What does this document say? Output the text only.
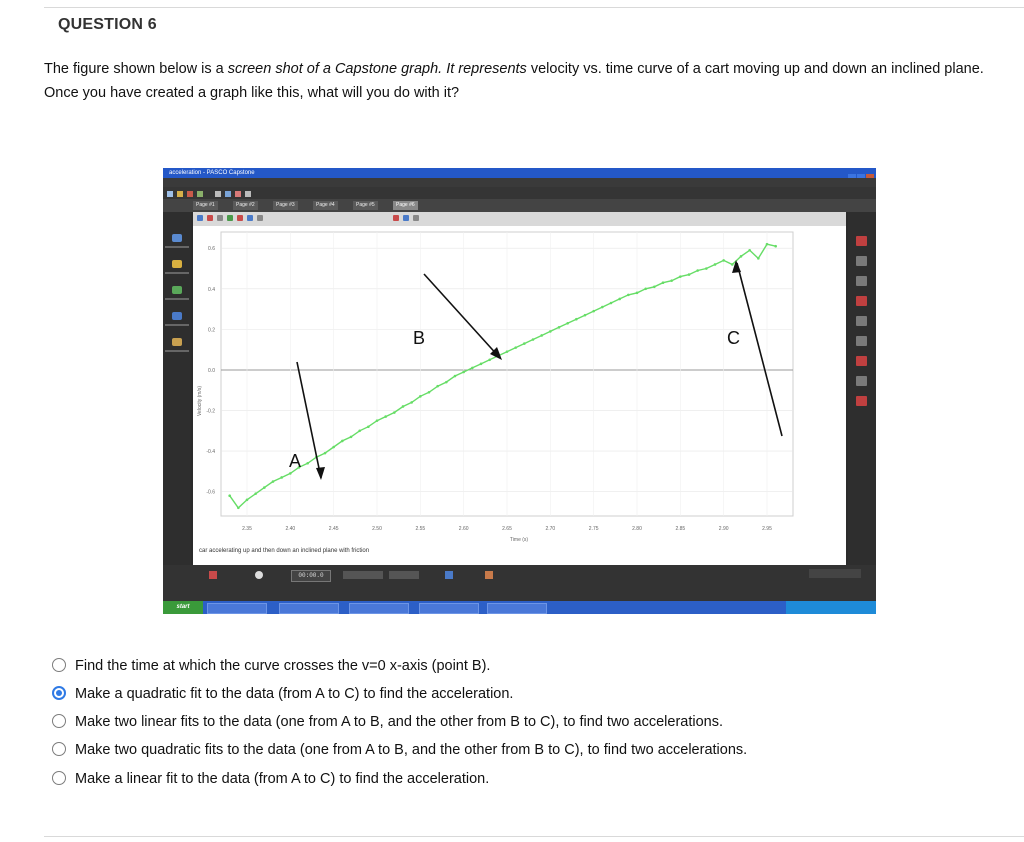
QUESTION 6

The figure shown below is a screen shot of a Capstone graph. It represents velocity vs. time curve of a cart moving up and down an inclined plane.

Once you have created a graph like this, what will you do with it?

acceleration - PASCO Capstone
Page #1	Page #2	Page #3	Page #4	Page #5	Page #6
0.6
0.4
0.2
0.0
-0.2
-0.4
-0.6
2.35	2.40	2.45	2.50	2.55	2.60	2.65	2.70	2.75	2.80	2.85	2.90	2.95
Velocity (m/s)
Time (s)
car accelerating up and then down an inclined plane with friction
A
B	C
00:00.0
start
Find the time at which the curve crosses the v=0 x-axis (point B).
Make a quadratic fit to the data (from A to C) to find the acceleration.
Make two linear fits to the data (one from A to B, and the other from B to C), to find two accelerations.
Make two quadratic fits to the data (one from A to B, and the other from B to C), to find two accelerations.
Make a linear fit to the data (from A to C) to find the acceleration.
